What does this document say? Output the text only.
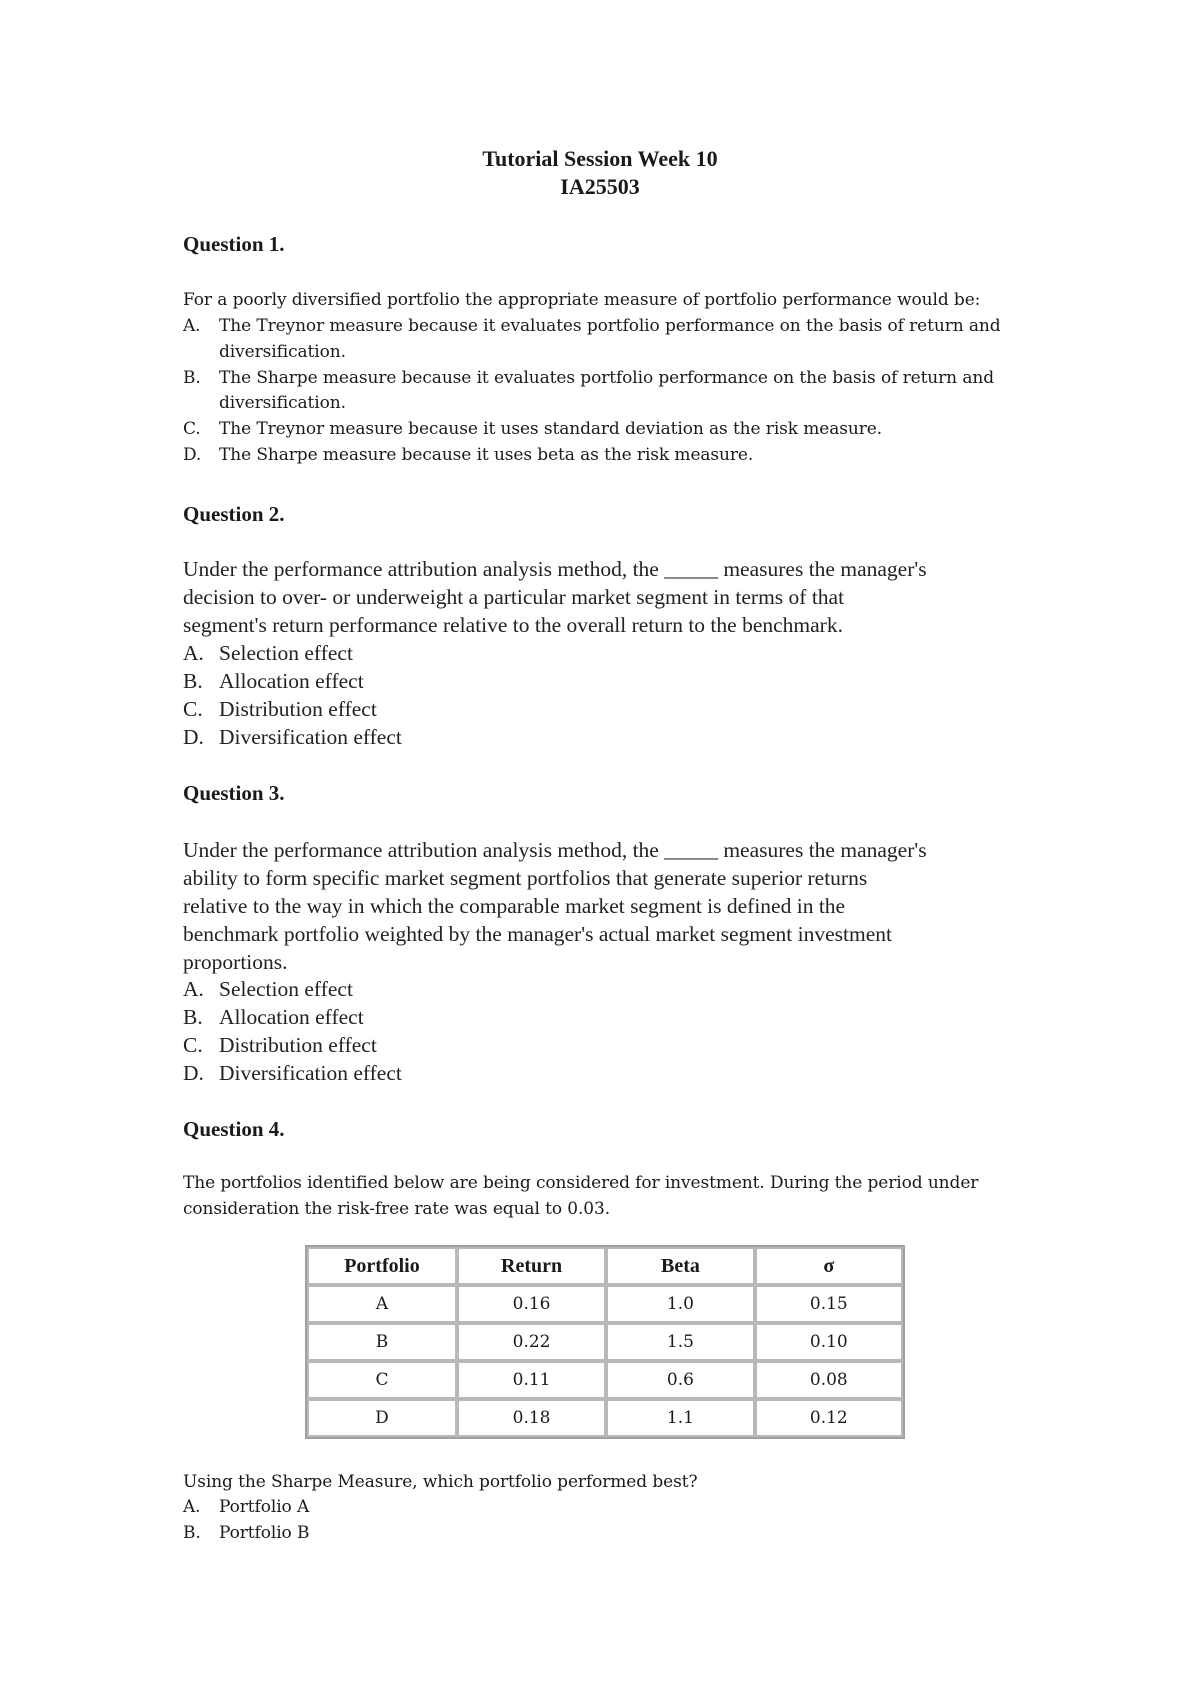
Tutorial Session Week 10
IA25503
Question 1.
For a poorly diversified portfolio the appropriate measure of portfolio performance would be:
A. The Treynor measure because it evaluates portfolio performance on the basis of return and
diversification.
B. The Sharpe measure because it evaluates portfolio performance on the basis of return and
diversification.
C. The Treynor measure because it uses standard deviation as the risk measure.
D. The Sharpe measure because it uses beta as the risk measure.
Question 2.
Under the performance attribution analysis method, the _____ measures the manager's
decision to over- or underweight a particular market segment in terms of that
segment's return performance relative to the overall return to the benchmark.
A. Selection effect
B. Allocation effect
C. Distribution effect
D. Diversification effect
Question 3.
Under the performance attribution analysis method, the _____ measures the manager's
ability to form specific market segment portfolios that generate superior returns
relative to the way in which the comparable market segment is defined in the
benchmark portfolio weighted by the manager's actual market segment investment
proportions.
A. Selection effect
B. Allocation effect
C. Distribution effect
D. Diversification effect
Question 4.
The portfolios identified below are being considered for investment. During the period under
consideration the risk-free rate was equal to 0.03.
Portfolio	Return	Beta	σ
A	0.16	1.0	0.15
B	0.22	1.5	0.10
C	0.11	0.6	0.08
D	0.18	1.1	0.12
Using the Sharpe Measure, which portfolio performed best?
A. Portfolio A
B. Portfolio B
